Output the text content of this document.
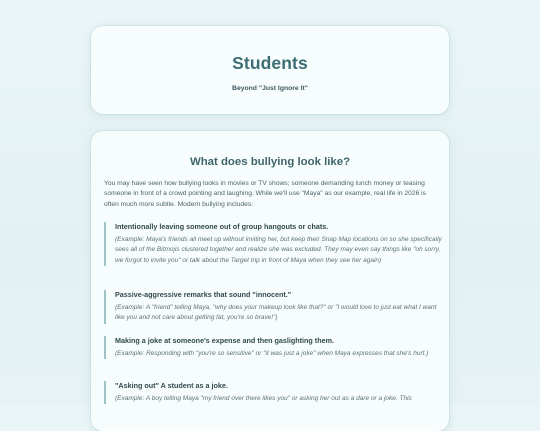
Students
Beyond "Just Ignore It"
What does bullying look like?

You may have seen how bullying looks in movies or TV shows; someone demanding lunch money or teasing someone in front of a crowd pointing and laughing. While we'll use "Maya" as our example, real life in 2026 is often much more subtle. Modern bullying includes:

Intentionally leaving someone out of group hangouts or chats.
(Example: Maya's friends all meet up without inviting her, but keep their Snap Map locations on so she specifically sees all of the Bitmojis clustered together and realize she was excluded. They may even say things like "oh sorry, we forgot to invite you" or talk about the Target trip in front of Maya when they see her again)
Passive-aggressive remarks that sound "innocent."
(Example: A "friend" telling Maya, "why does your makeup look like that?" or "I would love to just eat what I want like you and not care about getting fat, you're so brave!")
Making a joke at someone's expense and then gaslighting them.
(Example: Responding with "you're so sensitive" or "it was just a joke" when Maya expresses that she's hurt.)
"Asking out" A student as a joke.
(Example: A boy telling Maya "my friend over there likes you" or asking her out as a dare or a joke. This
